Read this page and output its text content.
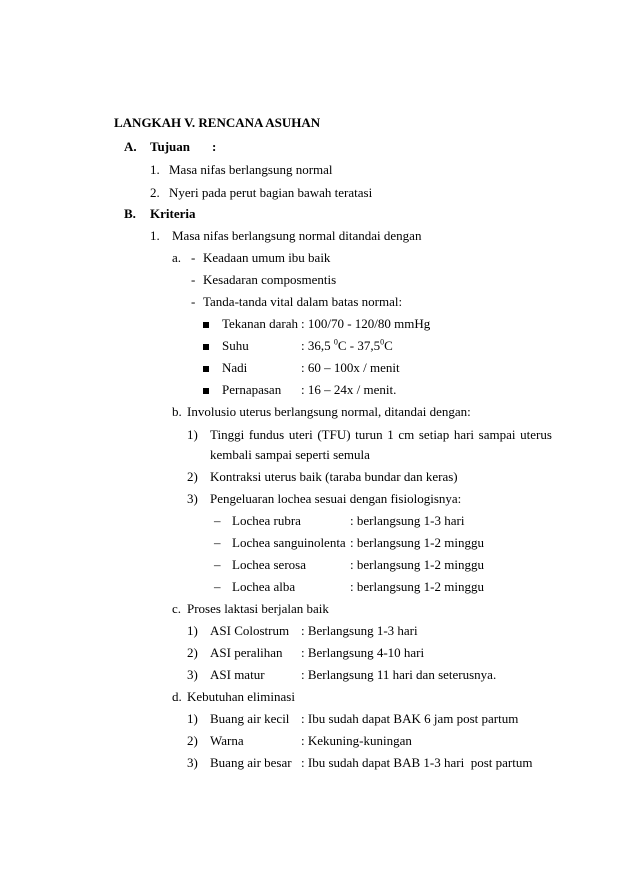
LANGKAH V. RENCANA ASUHAN
A. Tujuan :
1. Masa nifas berlangsung normal
2. Nyeri pada perut bagian bawah teratasi
B. Kriteria
1. Masa nifas berlangsung normal ditandai dengan
a. - Keadaan umum ibu baik
- Kesadaran composmentis
- Tanda-tanda vital dalam batas normal:
Tekanan darah : 100/70 - 120/80 mmHg
Suhu	: 36,5 $^0$C - 37,5$^0$C
Nadi	: 60 – 100x / menit
Pernapasan : 16 – 24x / menit.
b. Involusio uterus berlangsung normal, ditandai dengan:
1) Tinggi fundus uteri (TFU) turun 1 cm setiap hari sampai uterus
kembali sampai seperti semula
2) Kontraksi uterus baik (taraba bundar dan keras)
3) Pengeluaran lochea sesuai dengan fisiologisnya:
– Lochea rubra	: berlangsung 1-3 hari
– Lochea sanguinolenta : berlangsung 1-2 minggu
– Lochea serosa	: berlangsung 1-2 minggu
– Lochea alba	: berlangsung 1-2 minggu
c. Proses laktasi berjalan baik
1) ASI Colostrum : Berlangsung 1-3 hari
2) ASI peralihan : Berlangsung 4-10 hari
3) ASI matur	: Berlangsung 11 hari dan seterusnya.
d. Kebutuhan eliminasi
1) Buang air kecil : Ibu sudah dapat BAK 6 jam post partum
2) Warna	: Kekuning-kuningan
3) Buang air besar : Ibu sudah dapat BAB 1-3 hari  post partum
